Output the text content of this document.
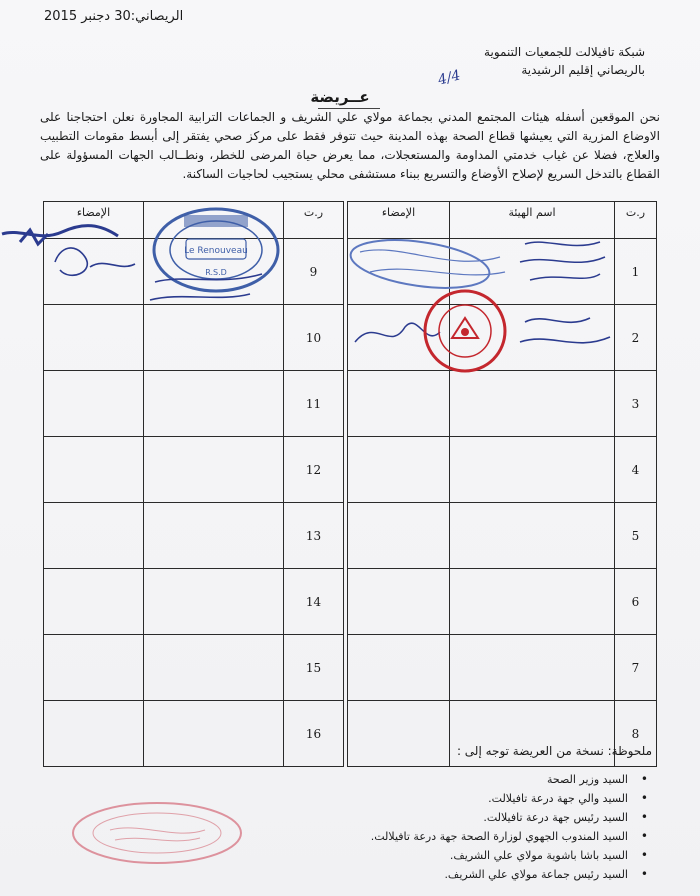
الريصاني:30 دجنبر 2015
شبكة تافيلالت للجمعيات التنموية
بالريصاني إقليم الرشيدية
عــريضة
4/4
نحن الموقعين أسفله هيئات المجتمع المدني بجماعة مولاي علي الشريف و الجماعات الترابية المجاورة نعلن احتجاجنا على الاوضاع المزرية التي يعيشها قطاع الصحة بهذه المدينة حيث تتوفر فقط على مركز صحي يفتقر إلى أبسط مقومات التطبيب والعلاج، فضلا عن غياب خدمتي المداومة والمستعجلات، مما يعرض حياة المرضى للخطر، ونطــالب الجهات المسؤولة على القطاع بالتدخل السريع لإصلاح الأوضاع والتسريع ببناء مستشفى محلي يستجيب لحاجيات الساكنة.
الإمضاء		ر.ت		الإمضاء	اسم الهيئة	ر.ت
		9				1
		10				2
		11				3
		12				4
		13				5
		14				6
		15				7
		16				8
Le Renouveau
R.S.D
ملحوظة: نسخة من العريضة توجه إلى :
• السيد وزير الصحة
• السيد والي جهة درعة تافيلالت.
• السيد رئيس جهة درعة تافيلالت.
• السيد المندوب الجهوي لوزارة الصحة جهة درعة تافيلالت.
• السيد باشا باشوية مولاي علي الشريف.
• السيد رئيس جماعة مولاي علي الشريف.
